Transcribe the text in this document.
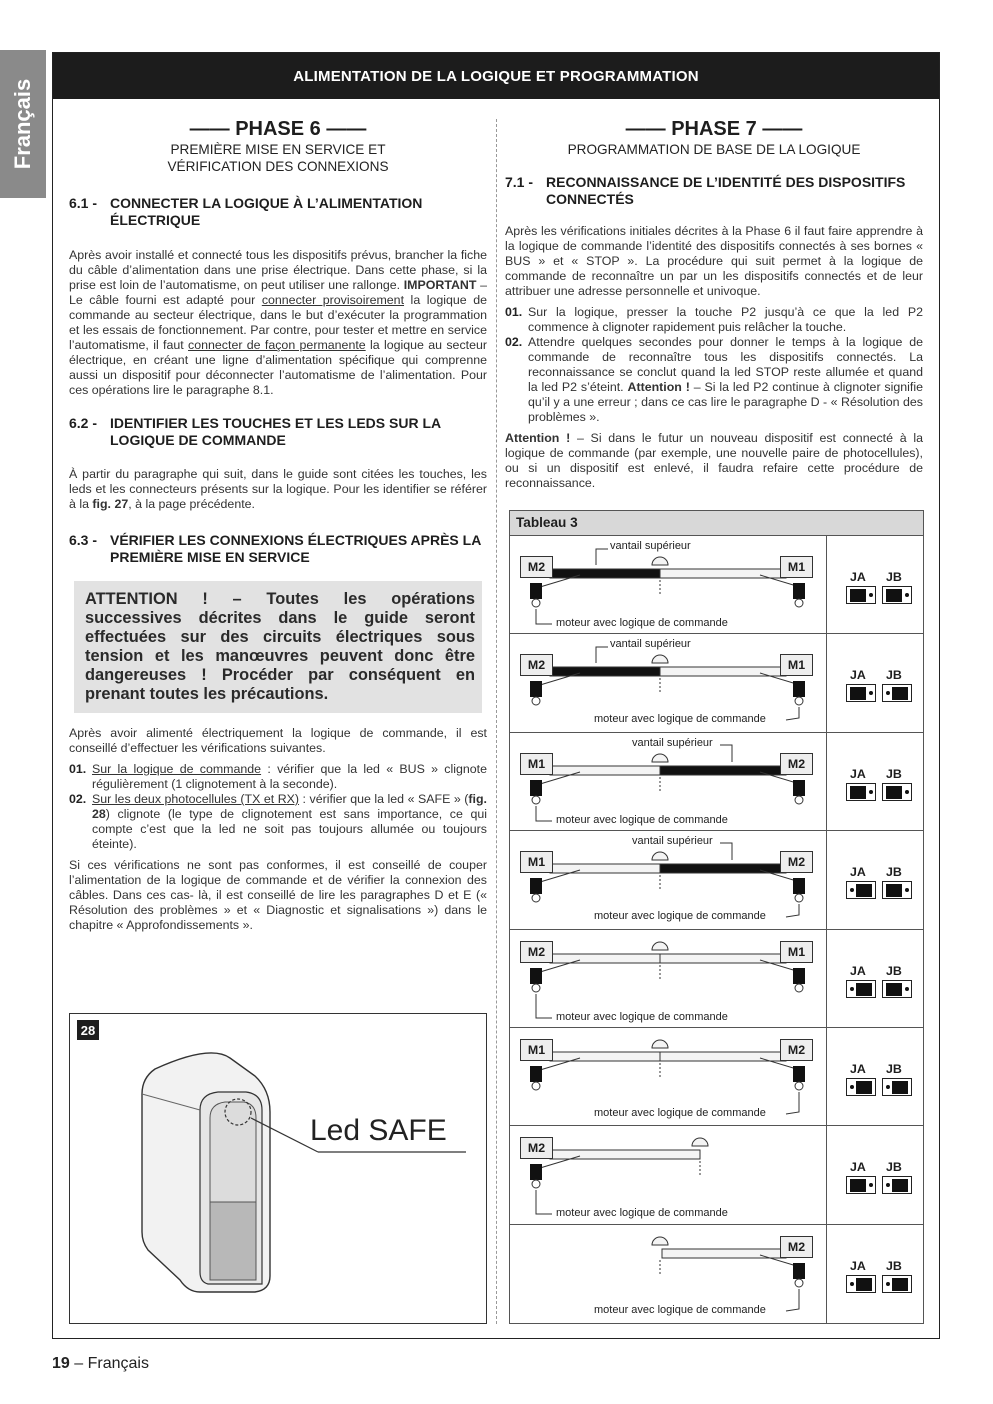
Français
ALIMENTATION DE LA LOGIQUE ET PROGRAMMATION
—— PHASE 6 ——
PREMIÈRE MISE EN SERVICE ET
VÉRIFICATION DES CONNEXIONS
6.1 - CONNECTER LA LOGIQUE À L’ALIMENTATION ÉLECTRIQUE
Après avoir installé et connecté tous les dispositifs prévus, brancher la fiche du câble d’alimentation dans une prise électrique. Dans cette phase, si la prise est loin de l’automatisme, on peut utiliser une rallonge. IMPORTANT – Le câble fourni est adapté pour connecter provisoirement la logique de commande au secteur électrique, dans le but d’exécuter la programmation et les essais de fonctionnement. Par contre, pour tester et mettre en service l’automatisme, il faut connecter de façon permanente la logique au secteur électrique, en créant une ligne d’alimentation spécifique qui comprenne aussi un dispositif pour déconnecter l’automatisme de l’alimentation. Pour ces opérations lire le paragraphe 8.1.
6.2 - IDENTIFIER LES TOUCHES ET LES LEDS SUR LA LOGIQUE DE COMMANDE
À partir du paragraphe qui suit, dans le guide sont citées les touches, les leds et les connecteurs présents sur la logique. Pour les identifier se référer à la fig. 27, à la page précédente.
6.3 - VÉRIFIER LES CONNEXIONS ÉLECTRIQUES APRÈS LA PREMIÈRE MISE EN SERVICE
ATTENTION ! – Toutes les opérations successives décrites dans le guide seront effectuées sur des circuits électriques sous tension et les manœuvres peuvent donc être dangereuses ! Procéder par conséquent en prenant toutes les précautions.
Après avoir alimenté électriquement la logique de commande, il est conseillé d’effectuer les vérifications suivantes.
01. Sur la logique de commande : vérifier que la led « BUS » clignote régulièrement (1 clignotement à la seconde).
02. Sur les deux photocellules (TX et RX) : vérifier que la led « SAFE » (fig. 28) clignote (le type de clignotement est sans importance, ce qui compte c’est que la led ne soit pas toujours allumée ou toujours éteinte).
Si ces vérifications ne sont pas conformes, il est conseillé de couper l’alimentation de la logique de commande et de vérifier la connexion des câbles. Dans ces cas- là, il est conseillé de lire les paragraphes D et E (« Résolution des problèmes » et « Diagnostic et signalisations ») dans le chapitre « Approfondissements ».
28
Led SAFE
—— PHASE 7 ——
PROGRAMMATION DE BASE DE LA LOGIQUE
7.1 - RECONNAISSANCE DE L’IDENTITÉ DES DISPOSITIFS CONNECTÉS
Après les vérifications initiales décrites à la Phase 6 il faut faire apprendre à la logique de commande l’identité des dispositifs connectés à ses bornes « BUS » et « STOP ». La procédure qui suit permet à la logique de commande de reconnaître un par un les dispositifs connectés et de leur attribuer une adresse personnelle et univoque.
01. Sur la logique, presser la touche P2 jusqu’à ce que la led P2 commence à clignoter rapidement puis relâcher la touche.
02. Attendre quelques secondes pour donner le temps à la logique de commande de reconnaître tous les dispositifs connectés. La reconnaissance se conclut quand la led STOP reste allumée et quand la led P2 s’éteint. Attention ! – Si la led P2 continue à clignoter signifie qu’il y a une erreur ; dans ce cas lire le paragraphe D - « Résolution des problèmes ».
Attention ! – Si dans le futur un nouveau dispositif est connecté à la logique de commande (par exemple, une nouvelle paire de photocellules), ou si un dispositif est enlevé, il faudra refaire cette procédure de reconnaissance.
Tableau 3
M2	M1
vantail supérieur
moteur avec logique de commande
JA JB
M2	M1
vantail supérieur
moteur avec logique de commande
JA JB
M1	M2
vantail supérieur
moteur avec logique de commande
JA JB
M1	M2
vantail supérieur
moteur avec logique de commande
JA JB
M2	M1
moteur avec logique de commande
JA JB
M1	M2
moteur avec logique de commande
JA JB
M2
moteur avec logique de commande
JA JB
M2
moteur avec logique de commande
JA JB
19 – Français
